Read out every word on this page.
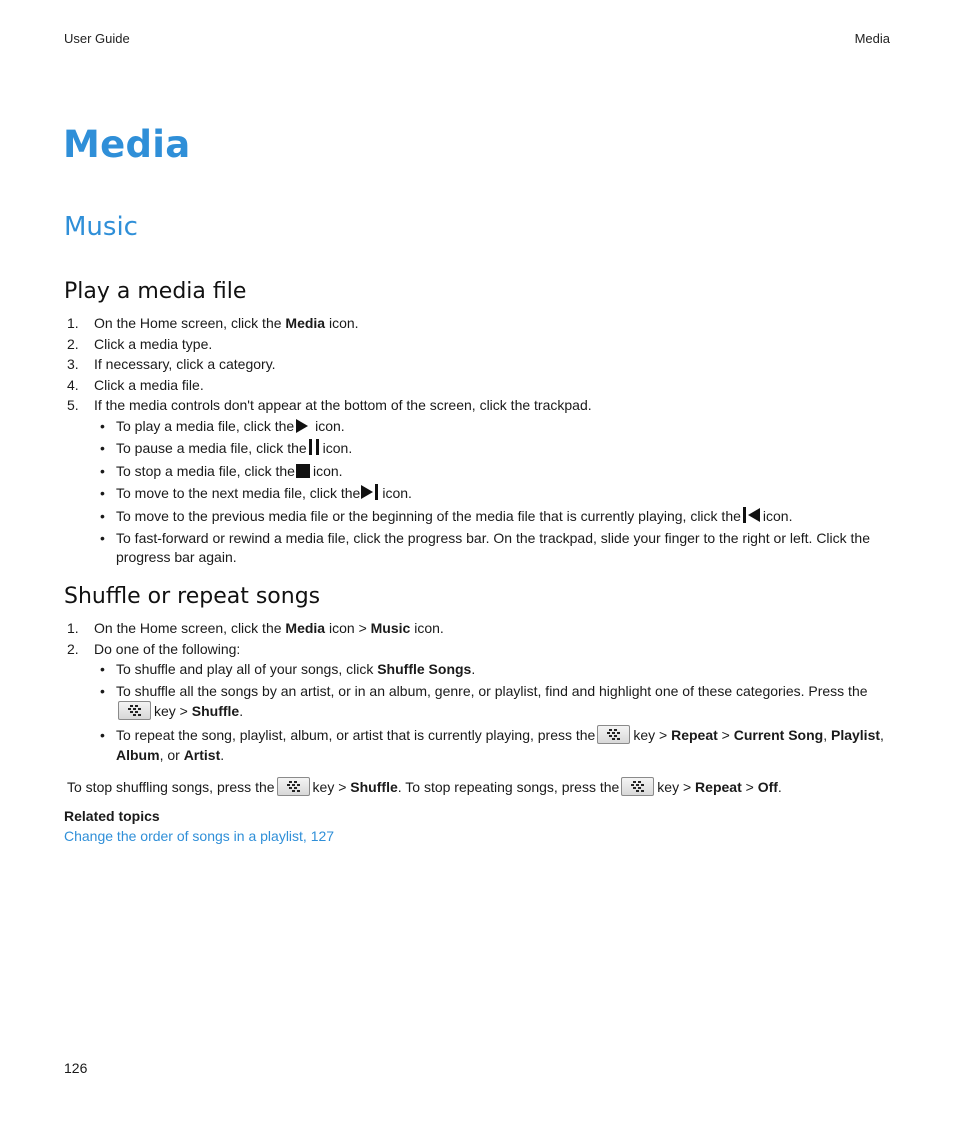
User Guide	Media
Media
Music
Play a media file
1. On the Home screen, click the Media icon.
2. Click a media type.
3. If necessary, click a category.
4. Click a media file.
5. If the media controls don't appear at the bottom of the screen, click the trackpad.
• To play a media file, click the icon.
• To pause a media file, click the icon.
• To stop a media file, click the icon.
• To move to the next media file, click the icon.
• To move to the previous media file or the beginning of the media file that is currently playing, click the icon.
• To fast-forward or rewind a media file, click the progress bar. On the trackpad, slide your finger to the right or left. Click the progress bar again.
Shuffle or repeat songs
1. On the Home screen, click the Media icon > Music icon.
2. Do one of the following:
• To shuffle and play all of your songs, click Shuffle Songs.
• To shuffle all the songs by an artist, or in an album, genre, or playlist, find and highlight one of these categories. Press the
key > Shuffle.
• To repeat the song, playlist, album, or artist that is currently playing, press the	key > Repeat > Current Song, Playlist, Album, or Artist.
To stop shuffling songs, press the	key > Shuffle. To stop repeating songs, press the	key > Repeat > Off.
Related topics
Change the order of songs in a playlist, 127
126
